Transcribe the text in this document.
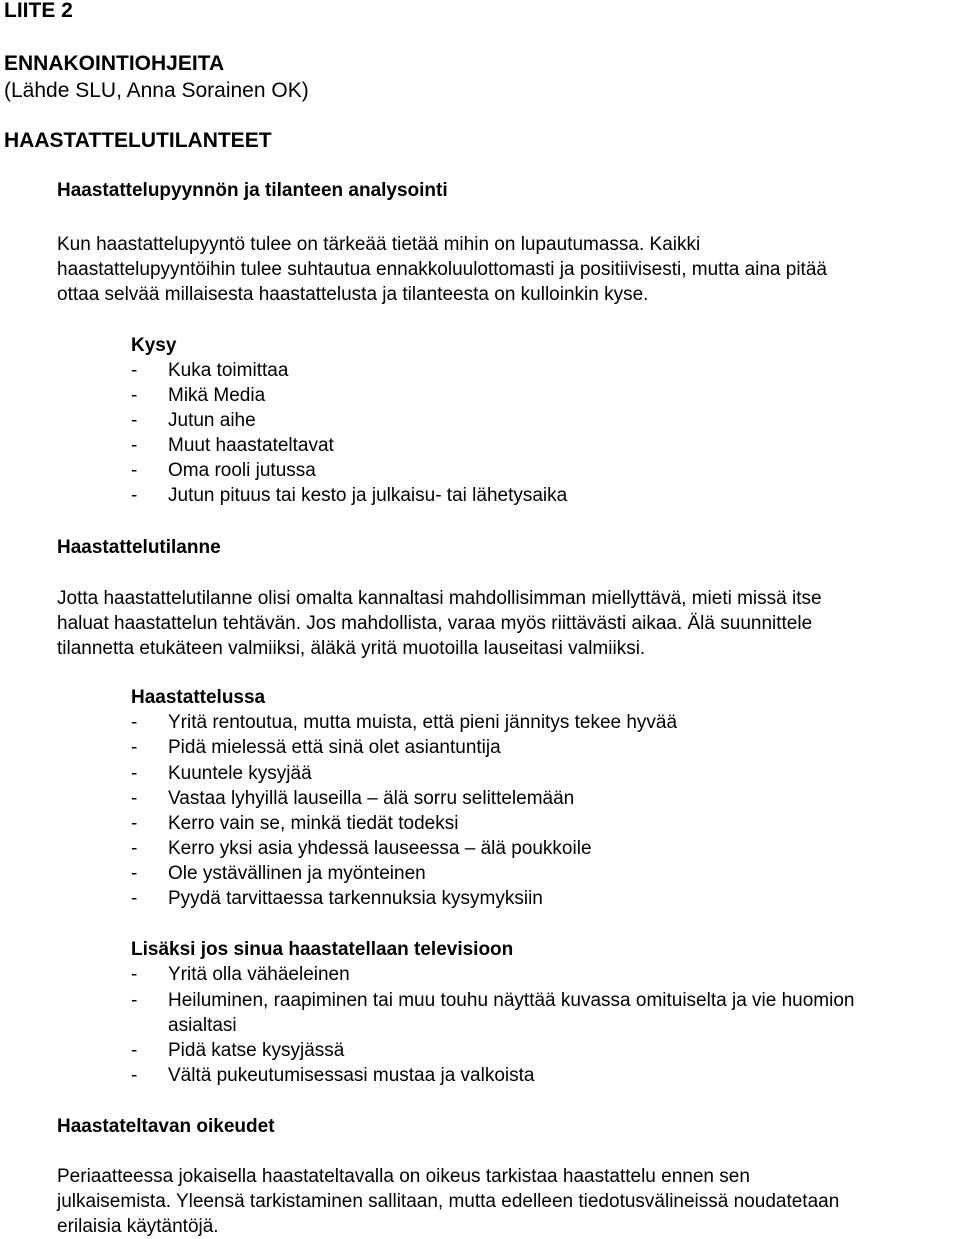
LIITE 2
ENNAKOINTIOHJEITA
(Lähde SLU, Anna Sorainen OK)
HAASTATTELUTILANTEET
Haastattelupyynnön ja tilanteen analysointi
Kun haastattelupyyntö tulee on tärkeää tietää mihin on lupautumassa. Kaikki
haastattelupyyntöihin tulee suhtautua ennakkoluulottomasti ja positiivisesti, mutta aina pitää
ottaa selvää millaisesta haastattelusta ja tilanteesta on kulloinkin kyse.
Kysy
- Kuka toimittaa
- Mikä Media
- Jutun aihe
- Muut haastateltavat
- Oma rooli jutussa
- Jutun pituus tai kesto ja julkaisu- tai lähetysaika
Haastattelutilanne
Jotta haastattelutilanne olisi omalta kannaltasi mahdollisimman miellyttävä, mieti missä itse
haluat haastattelun tehtävän. Jos mahdollista, varaa myös riittävästi aikaa. Älä suunnittele
tilannetta etukäteen valmiiksi, äläkä yritä muotoilla lauseitasi valmiiksi.
Haastattelussa
- Yritä rentoutua, mutta muista, että pieni jännitys tekee hyvää
- Pidä mielessä että sinä olet asiantuntija
- Kuuntele kysyjää
- Vastaa lyhyillä lauseilla – älä sorru selittelemään
- Kerro vain se, minkä tiedät todeksi
- Kerro yksi asia yhdessä lauseessa – älä poukkoile
- Ole ystävällinen ja myönteinen
- Pyydä tarvittaessa tarkennuksia kysymyksiin
Lisäksi jos sinua haastatellaan televisioon
- Yritä olla vähäeleinen
- Heiluminen, raapiminen tai muu touhu näyttää kuvassa omituiselta ja vie huomion
asialtasi
- Pidä katse kysyjässä
- Vältä pukeutumisessasi mustaa ja valkoista
Haastateltavan oikeudet
Periaatteessa jokaisella haastateltavalla on oikeus tarkistaa haastattelu ennen sen
julkaisemista. Yleensä tarkistaminen sallitaan, mutta edelleen tiedotusvälineissä noudatetaan
erilaisia käytäntöjä.
